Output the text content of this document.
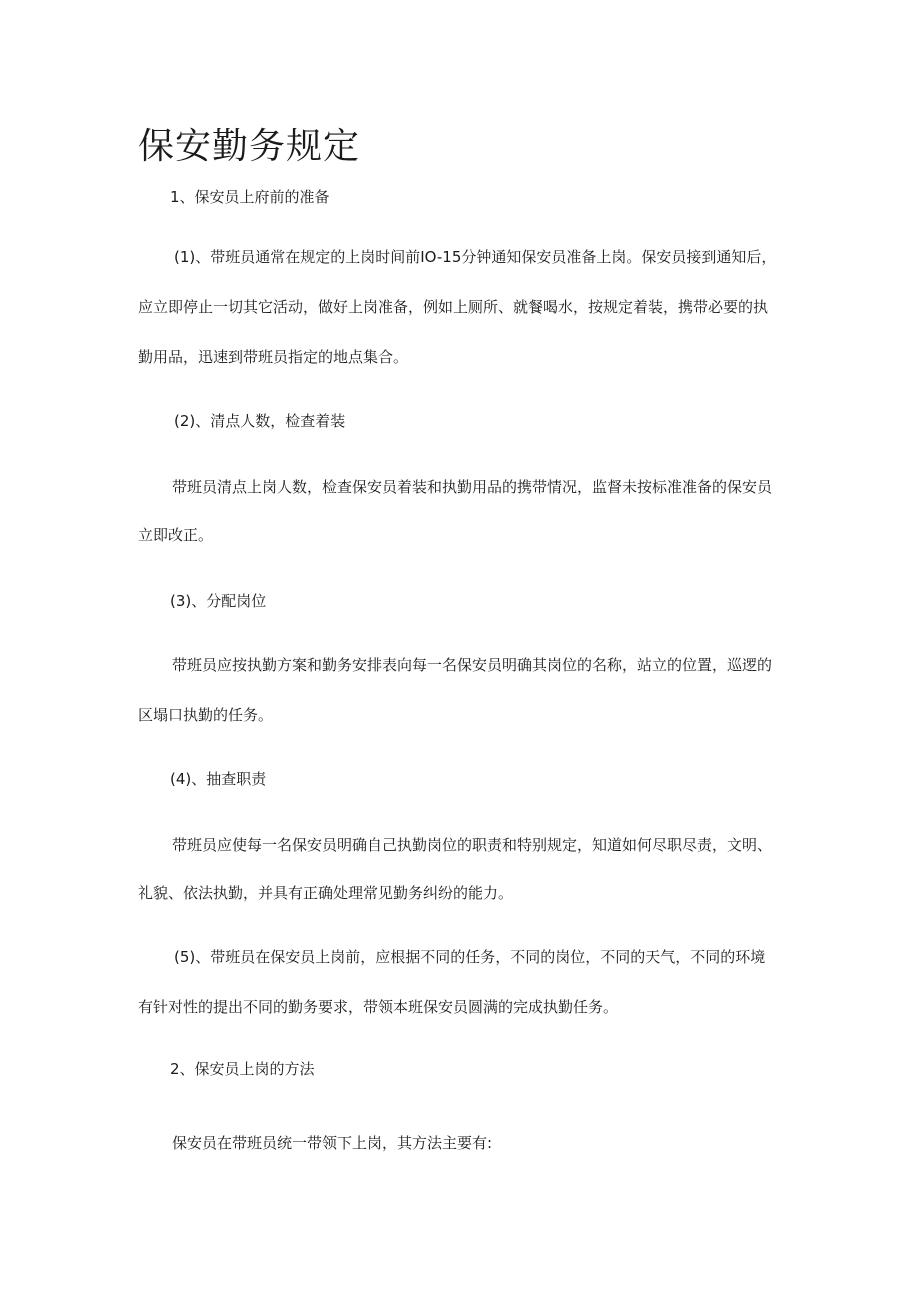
保安勤务规定

1、保安员上府前的准备

(1)、带班员通常在规定的上岗时间前IO-15分钟通知保安员准备上岗。保安员接到通知后，

应立即停止一切其它活动，做好上岗准备，例如上厕所、就餐喝水，按规定着装，携带必要的执

勤用品，迅速到带班员指定的地点集合。

(2)、清点人数，检查着装

带班员清点上岗人数，检查保安员着装和执勤用品的携带情况，监督未按标准准备的保安员

立即改正。

(3)、分配岗位

带班员应按执勤方案和勤务安排表向每一名保安员明确其岗位的名称，站立的位置，巡逻的

区塌口执勤的任务。

(4)、抽查职责

带班员应使每一名保安员明确自己执勤岗位的职责和特别规定，知道如何尽职尽责，文明、

礼貌、依法执勤，并具有正确处理常见勤务纠纷的能力。

(5)、带班员在保安员上岗前，应根据不同的任务，不同的岗位，不同的天气，不同的环境

有针对性的提出不同的勤务要求，带领本班保安员圆满的完成执勤任务。

2、保安员上岗的方法

保安员在带班员统一带领下上岗，其方法主要有:
